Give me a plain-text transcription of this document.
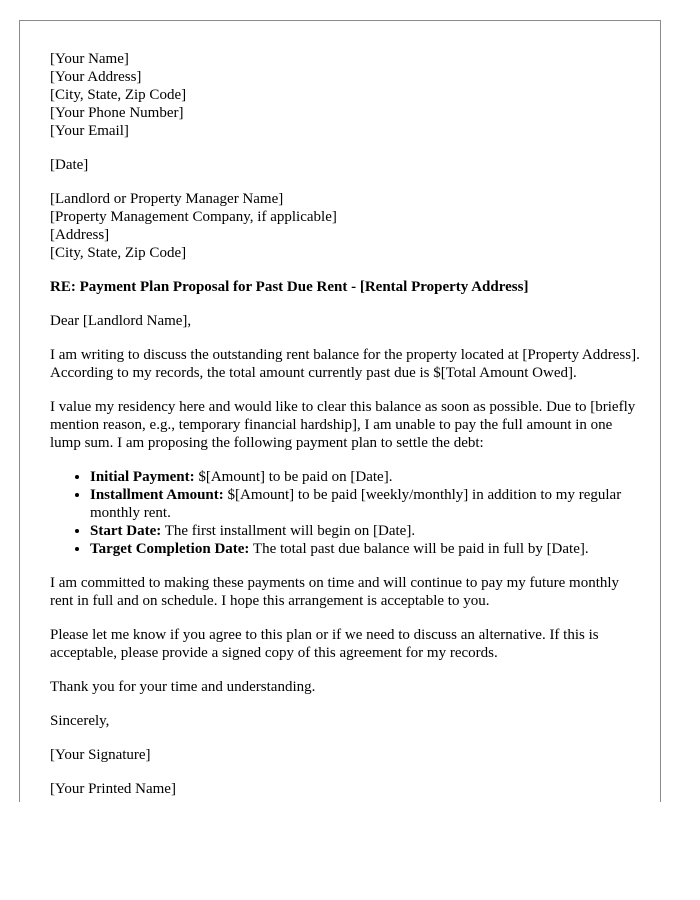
[Your Name]

[Your Address]

[City, State, Zip Code]

[Your Phone Number]

[Your Email]

[Date]

[Landlord or Property Manager Name]

[Property Management Company, if applicable]

[Address]

[City, State, Zip Code]

RE: Payment Plan Proposal for Past Due Rent - [Rental Property Address]

Dear [Landlord Name],

I am writing to discuss the outstanding rent balance for the property located at [Property Address]. According to my records, the total amount currently past due is $[Total Amount Owed].

I value my residency here and would like to clear this balance as soon as possible. Due to [briefly mention reason, e.g., temporary financial hardship], I am unable to pay the full amount in one lump sum. I am proposing the following payment plan to settle the debt:

• Initial Payment: $[Amount] to be paid on [Date].
• Installment Amount: $[Amount] to be paid [weekly/monthly] in addition to my regular monthly rent.
• Start Date: The first installment will begin on [Date].
• Target Completion Date: The total past due balance will be paid in full by [Date].

I am committed to making these payments on time and will continue to pay my future monthly rent in full and on schedule. I hope this arrangement is acceptable to you.

Please let me know if you agree to this plan or if we need to discuss an alternative. If this is acceptable, please provide a signed copy of this agreement for my records.

Thank you for your time and understanding.

Sincerely,

[Your Signature]

[Your Printed Name]
